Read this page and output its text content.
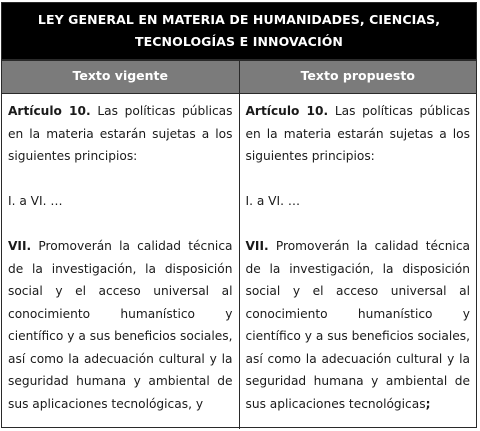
LEY GENERAL EN MATERIA DE HUMANIDADES, CIENCIAS, TECNOLOGÍAS E INNOVACIÓN
Texto vigente	Texto propuesto

Artículo 10. Las políticas públicas en la materia estarán sujetas a los siguientes principios:

I. a VI. …

VII. Promoverán la calidad técnica de la investigación, la disposición social y el acceso universal al conocimiento humanístico y científico y a sus beneficios sociales, así como la adecuación cultural y la seguridad humana y ambiental de sus aplicaciones tecnológicas, y

Artículo 10. Las políticas públicas en la materia estarán sujetas a los siguientes principios:

I. a VI. …

VII. Promoverán la calidad técnica de la investigación, la disposición social y el acceso universal al conocimiento humanístico y científico y a sus beneficios sociales, así como la adecuación cultural y la seguridad humana y ambiental de sus aplicaciones tecnológicas;
